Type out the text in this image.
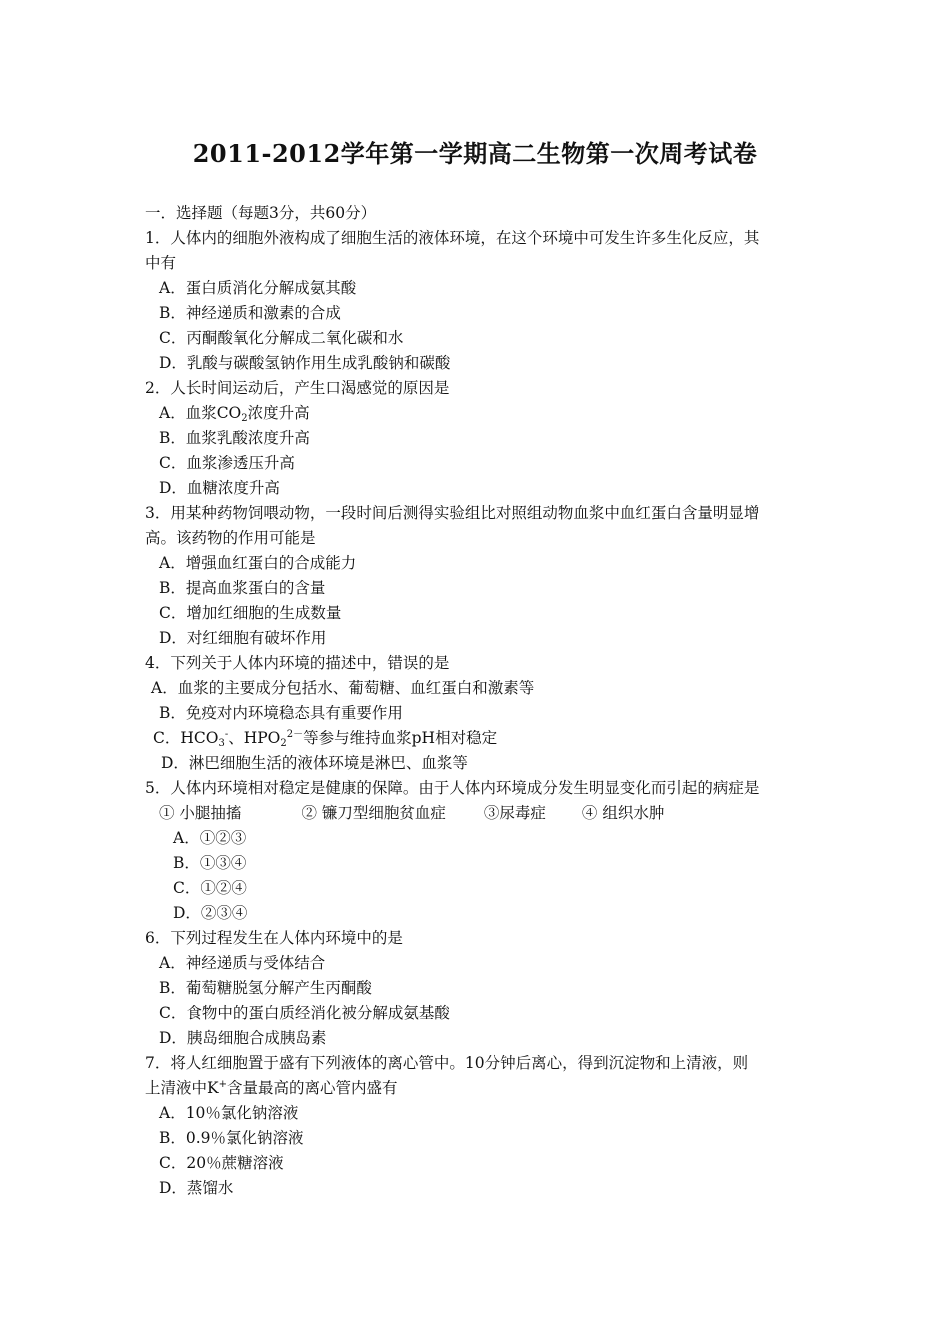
2011-2012学年第一学期高二生物第一次周考试卷
一．选择题（每题3分，共60分）
1．人体内的细胞外液构成了细胞生活的液体环境，在这个环境中可发生许多生化反应，其
中有
A．蛋白质消化分解成氨其酸
B．神经递质和激素的合成
C．丙酮酸氧化分解成二氧化碳和水
D．乳酸与碳酸氢钠作用生成乳酸钠和碳酸
2．人长时间运动后，产生口渴感觉的原因是
A．血浆$CO_2$浓度升高
B．血浆乳酸浓度升高
C．血浆渗透压升高
D．血糖浓度升高
3．用某种药物饲喂动物，一段时间后测得实验组比对照组动物血浆中血红蛋白含量明显增
高。该药物的作用可能是
A．增强血红蛋白的合成能力
B．提高血浆蛋白的含量
C．增加红细胞的生成数量
D．对红细胞有破坏作用
4．下列关于人体内环境的描述中，错误的是
A．血浆的主要成分包括水、葡萄糖、血红蛋白和激素等
B．免疫对内环境稳态具有重要作用
C．$HCO_3^-$、$HPO_2^{2-}$等参与维持血浆pH相对稳定
D．淋巴细胞生活的液体环境是淋巴、血浆等
5．人体内环境相对稳定是健康的保障。由于人体内环境成分发生明显变化而引起的病症是
① 小腿抽搐	② 镰刀型细胞贫血症 ③尿毒症 ④ 组织水肿
A．①②③
B．①③④
C．①②④
D．②③④
6．下列过程发生在人体内环境中的是
A．神经递质与受体结合
B．葡萄糖脱氢分解产生丙酮酸
C．食物中的蛋白质经消化被分解成氨基酸
D．胰岛细胞合成胰岛素
7．将人红细胞置于盛有下列液体的离心管中。10分钟后离心，得到沉淀物和上清液，则
上清液中K+含量最高的离心管内盛有
A．10％氯化钠溶液
B．0.9％氯化钠溶液
C．20％蔗糖溶液
D．蒸馏水
